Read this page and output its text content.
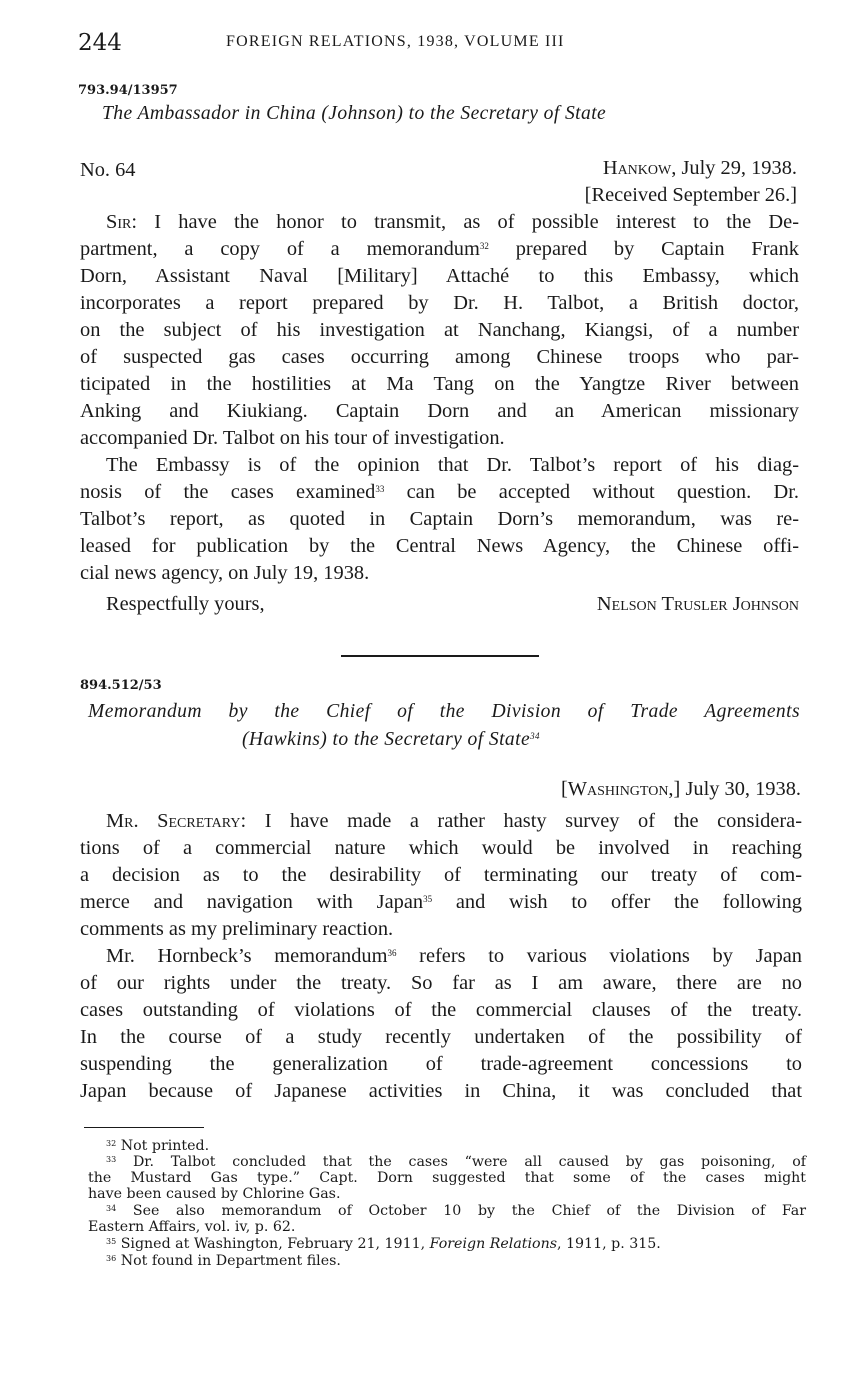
244	FOREIGN RELATIONS, 1938, VOLUME III
793.94/13957
The Ambassador in China (Johnson) to the Secretary of State
No. 64	Hankow, July 29, 1938.
[Received September 26.]
Sir: I have the honor to transmit, as of possible interest to the De-
partment, a copy of a memorandum$^{32}$ prepared by Captain Frank
Dorn, Assistant Naval [Military] Attaché to this Embassy, which
incorporates a report prepared by Dr. H. Talbot, a British doctor,
on the subject of his investigation at Nanchang, Kiangsi, of a number
of suspected gas cases occurring among Chinese troops who par-
ticipated in the hostilities at Ma Tang on the Yangtze River between
Anking and Kiukiang. Captain Dorn and an American missionary
accompanied Dr. Talbot on his tour of investigation.
The Embassy is of the opinion that Dr. Talbot’s report of his diag-
nosis of the cases examined$^{33}$ can be accepted without question. Dr.
Talbot’s report, as quoted in Captain Dorn’s memorandum, was re-
leased for publication by the Central News Agency, the Chinese offi-
cial news agency, on July 19, 1938.
Respectfully yours,	Nelson Trusler Johnson
894.512/53
Memorandum by the Chief of the Division of Trade Agreements
(Hawkins) to the Secretary of State$^{34}$
[Washington,] July 30, 1938.
Mr. Secretary: I have made a rather hasty survey of the considera-
tions of a commercial nature which would be involved in reaching
a decision as to the desirability of terminating our treaty of com-
merce and navigation with Japan$^{35}$ and wish to offer the following
comments as my preliminary reaction.
Mr. Hornbeck’s memorandum$^{36}$ refers to various violations by Japan
of our rights under the treaty. So far as I am aware, there are no
cases outstanding of violations of the commercial clauses of the treaty.
In the course of a study recently undertaken of the possibility of
suspending the generalization of trade-agreement concessions to
Japan because of Japanese activities in China, it was concluded that
$^{32}$ Not printed.
$^{33}$ Dr. Talbot concluded that the cases “were all caused by gas poisoning, of
the Mustard Gas type.” Capt. Dorn suggested that some of the cases might
have been caused by Chlorine Gas.
$^{34}$ See also memorandum of October 10 by the Chief of the Division of Far
Eastern Affairs, vol. iv, p. 62.
$^{35}$ Signed at Washington, February 21, 1911, Foreign Relations, 1911, p. 315.
$^{36}$ Not found in Department files.
